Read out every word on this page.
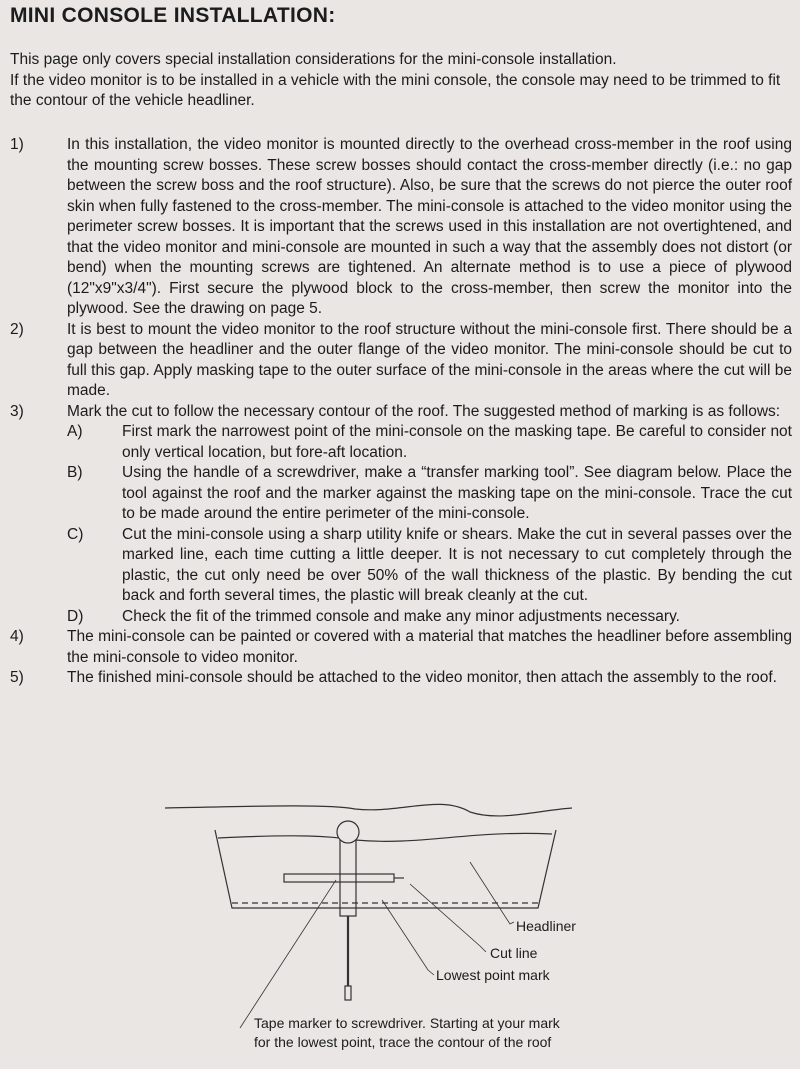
MINI CONSOLE INSTALLATION:
This page only covers special installation considerations for the mini-console installation.
If the video monitor is to be installed in a vehicle with the mini console, the console may need to be trimmed to fit the contour of the vehicle headliner.
1)	In this installation, the video monitor is mounted directly to the overhead cross-member in the roof using the mounting screw bosses. These screw bosses should contact the cross-member directly (i.e.: no gap between the screw boss and the roof structure). Also, be sure that the screws do not pierce the outer roof skin when fully fastened to the cross-member. The mini-console is attached to the video monitor using the perimeter screw bosses. It is important that the screws used in this installation are not overtightened, and that the video monitor and mini-console are mounted in such a way that the assembly does not distort (or bend) when the mounting screws are tightened. An alternate method is to use a piece of plywood (12"x9"x3/4"). First secure the plywood block to the cross-member, then screw the monitor into the plywood. See the drawing on page 5.
2)	It is best to mount the video monitor to the roof structure without the mini-console first. There should be a gap between the headliner and the outer flange of the video monitor. The mini-console should be cut to full this gap. Apply masking tape to the outer surface of the mini-console in the areas where the cut will be made.
3)	Mark the cut to follow the necessary contour of the roof. The suggested method of marking is as follows:
A)	First mark the narrowest point of the mini-console on the masking tape. Be careful to consider not only vertical location, but fore-aft location.
B)	Using the handle of a screwdriver, make a “transfer marking tool”. See diagram below. Place the tool against the roof and the marker against the masking tape on the mini-console. Trace the cut to be made around the entire perimeter of the mini-console.
C) Cut the mini-console using a sharp utility knife or shears. Make the cut in several passes over the marked line, each time cutting a little deeper. It is not necessary to cut completely through the plastic, the cut only need be over 50% of the wall thickness of the plastic. By bending the cut back and forth several times, the plastic will break cleanly at the cut.
D) Check the fit of the trimmed console and make any minor adjustments necessary.
4)	The mini-console can be painted or covered with a material that matches the headliner before assembling the mini-console to video monitor.
5)	The finished mini-console should be attached to the video monitor, then attach the assembly to the roof.
Headliner
Cut line
Lowest point mark
Tape marker to screwdriver. Starting at your mark
for the lowest point, trace the contour of the roof
